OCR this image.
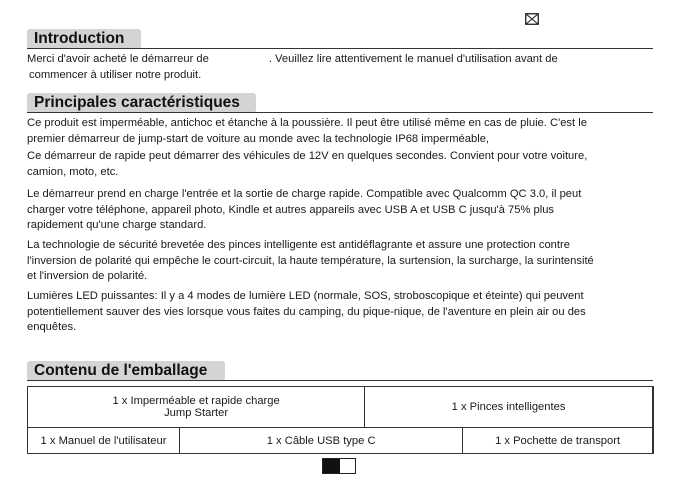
Introduction
Merci d'avoir acheté le démarreur de	. Veuillez lire attentivement le manuel d'utilisation avant de
commencer à utiliser notre produit.
Principales caractéristiques
Ce produit est imperméable, antichoc et étanche à la poussière. Il peut être utilisé même en cas de pluie. C'est le
premier démarreur de jump-start de voiture au monde avec la technologie IP68 imperméable,
Ce démarreur de rapide peut démarrer des véhicules de 12V en quelques secondes. Convient pour votre voiture,
camion, moto, etc.
Le démarreur prend en charge l'entrée et la sortie de charge rapide. Compatible avec Qualcomm QC 3.0, il peut
charger votre téléphone, appareil photo, Kindle et autres appareils avec USB A et USB C jusqu'à 75% plus
rapidement qu'une charge standard.
La technologie de sécurité brevetée des pinces intelligente est antidéflagrante et assure une protection contre
l'inversion de polarité qui empêche le court-circuit, la haute température, la surtension, la surcharge, la surintensité
et l'inversion de polarité.
Lumières LED puissantes: Il y a 4 modes de lumière LED (normale, SOS, stroboscopique et éteinte) qui peuvent
potentiellement sauver des vies lorsque vous faites du camping, du pique-nique, de l'aventure en plein air ou des
enquêtes.
Contenu de l'emballage
1 x Imperméable et rapide charge
Jump Starter		1 x Pinces intelligentes		
1 x Manuel de l'utilisateur	1 x Câble USB type C		1 x Pochette de transport	
